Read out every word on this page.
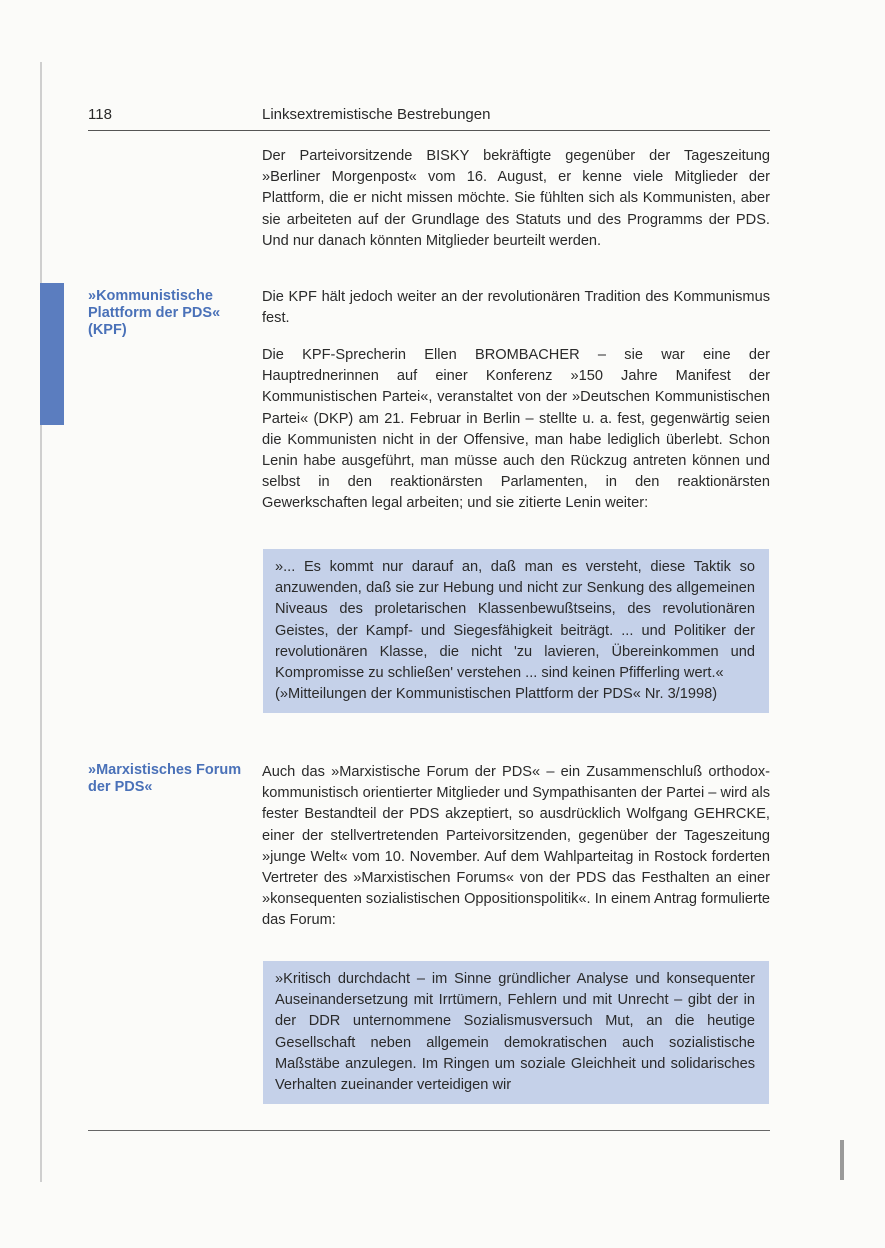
118	Linksextremistische Bestrebungen
Der Parteivorsitzende BISKY bekräftigte gegenüber der Tageszeitung »Berliner Morgenpost« vom 16. August, er kenne viele Mitglieder der Plattform, die er nicht missen möchte. Sie fühlten sich als Kommunisten, aber sie arbeiteten auf der Grundlage des Statuts und des Programms der PDS. Und nur danach könnten Mitglieder beurteilt werden.
»Kommunistische Plattform der PDS« (KPF)
Die KPF hält jedoch weiter an der revolutionären Tradition des Kommunismus fest.
Die KPF-Sprecherin Ellen BROMBACHER – sie war eine der Hauptrednerinnen auf einer Konferenz »150 Jahre Manifest der Kommunistischen Partei«, veranstaltet von der »Deutschen Kommunistischen Partei« (DKP) am 21. Februar in Berlin – stellte u. a. fest, gegenwärtig seien die Kommunisten nicht in der Offensive, man habe lediglich überlebt. Schon Lenin habe ausgeführt, man müsse auch den Rückzug antreten können und selbst in den reaktionärsten Parlamenten, in den reaktionärsten Gewerkschaften legal arbeiten; und sie zitierte Lenin weiter:
»... Es kommt nur darauf an, daß man es versteht, diese Taktik so anzuwenden, daß sie zur Hebung und nicht zur Senkung des allgemeinen Niveaus des proletarischen Klassenbewußtseins, des revolutionären Geistes, der Kampf- und Siegesfähigkeit beiträgt. ... und Politiker der revolutionären Klasse, die nicht 'zu lavieren, Übereinkommen und Kompromisse zu schließen' verstehen ... sind keinen Pfifferling wert.«
(»Mitteilungen der Kommunistischen Plattform der PDS« Nr. 3/1998)
»Marxistisches Forum der PDS«
Auch das »Marxistische Forum der PDS« – ein Zusammenschluß orthodox-kommunistisch orientierter Mitglieder und Sympathisanten der Partei – wird als fester Bestandteil der PDS akzeptiert, so ausdrücklich Wolfgang GEHRCKE, einer der stellvertretenden Parteivorsitzenden, gegenüber der Tageszeitung »junge Welt« vom 10. November. Auf dem Wahlparteitag in Rostock forderten Vertreter des »Marxistischen Forums« von der PDS das Festhalten an einer »konsequenten sozialistischen Oppositionspolitik«. In einem Antrag formulierte das Forum:
»Kritisch durchdacht – im Sinne gründlicher Analyse und konsequenter Auseinandersetzung mit Irrtümern, Fehlern und mit Unrecht – gibt der in der DDR unternommene Sozialismusversuch Mut, an die heutige Gesellschaft neben allgemein demokratischen auch sozialistische Maßstäbe anzulegen. Im Ringen um soziale Gleichheit und solidarisches Verhalten zueinander verteidigen wir
